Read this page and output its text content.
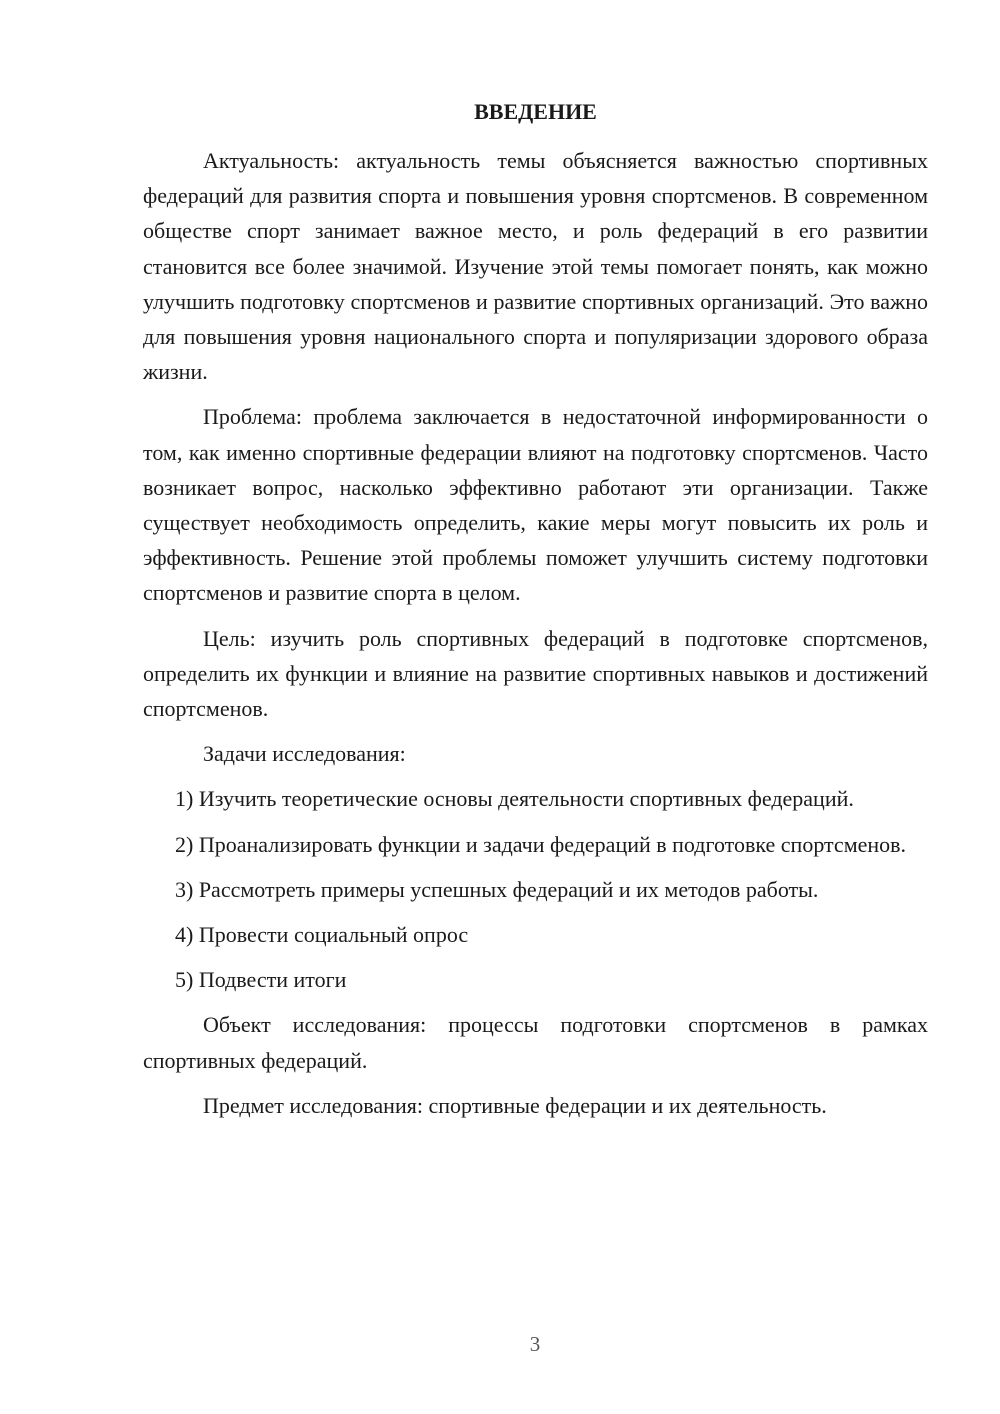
ВВЕДЕНИЕ

Актуальность: актуальность темы объясняется важностью спортивных федераций для развития спорта и повышения уровня спортсменов. В современном обществе спорт занимает важное место, и роль федераций в его развитии становится все более значимой. Изучение этой темы помогает понять, как можно улучшить подготовку спортсменов и развитие спортивных организаций. Это важно для повышения уровня национального спорта и популяризации здорового образа жизни.

Проблема: проблема заключается в недостаточной информированности о том, как именно спортивные федерации влияют на подготовку спортсменов. Часто возникает вопрос, насколько эффективно работают эти организации. Также существует необходимость определить, какие меры могут повысить их роль и эффективность. Решение этой проблемы поможет улучшить систему подготовки спортсменов и развитие спорта в целом.

Цель: изучить роль спортивных федераций в подготовке спортсменов, определить их функции и влияние на развитие спортивных навыков и достижений спортсменов.

Задачи исследования:

1) Изучить теоретические основы деятельности спортивных федераций.

2) Проанализировать функции и задачи федераций в подготовке спортсменов.

3) Рассмотреть примеры успешных федераций и их методов работы.

4) Провести социальный опрос

5) Подвести итоги

Объект исследования: процессы подготовки спортсменов в рамках спортивных федераций.

Предмет исследования: спортивные федерации и их деятельность.

3
